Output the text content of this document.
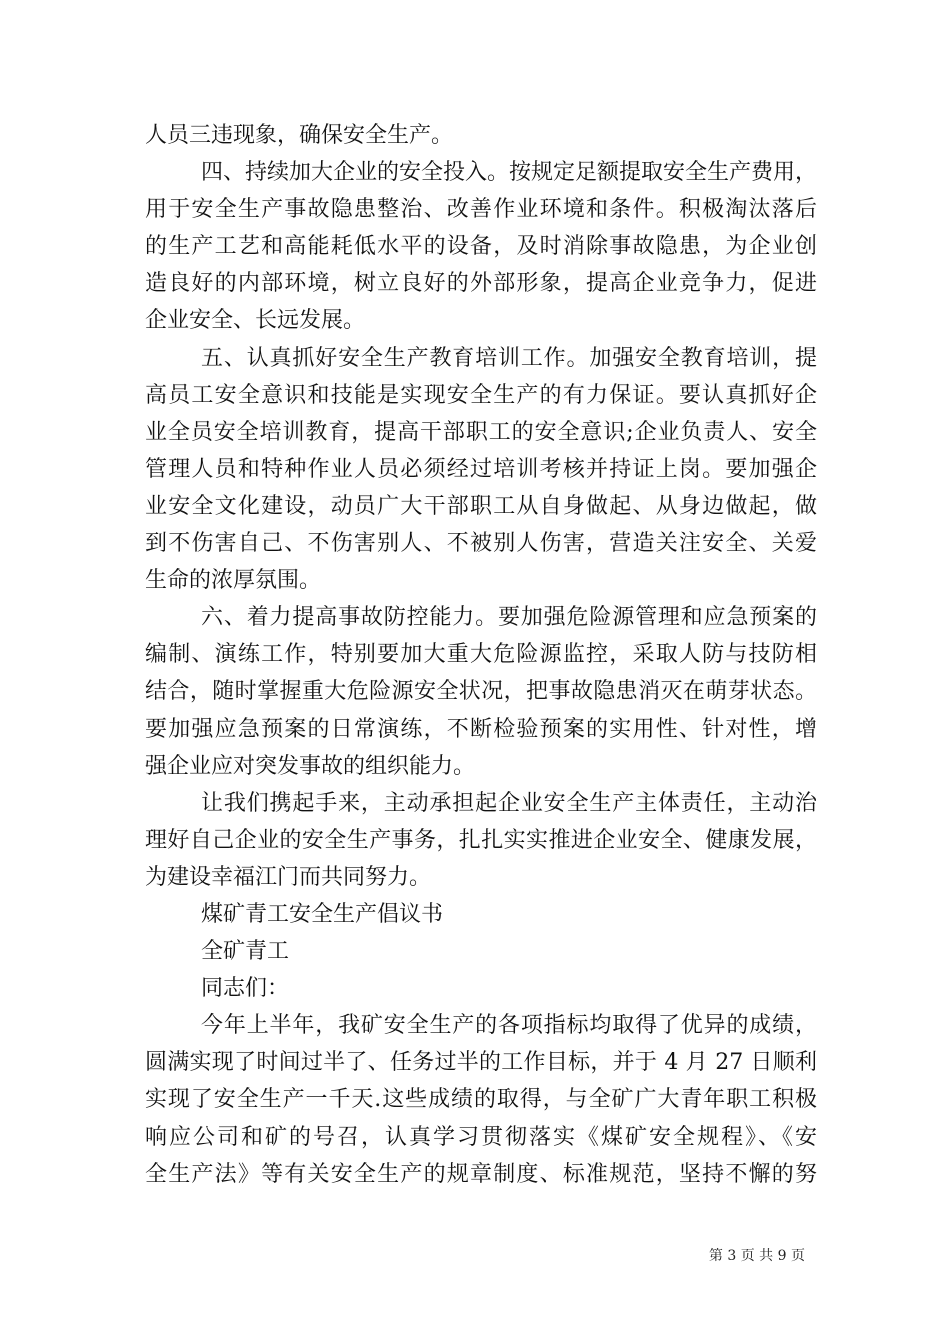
人员三违现象，确保安全生产。
四、持续加大企业的安全投入。按规定足额提取安全生产费用，
用于安全生产事故隐患整治、改善作业环境和条件。积极淘汰落后
的生产工艺和高能耗低水平的设备，及时消除事故隐患，为企业创
造良好的内部环境，树立良好的外部形象，提高企业竞争力，促进
企业安全、长远发展。
五、认真抓好安全生产教育培训工作。加强安全教育培训，提
高员工安全意识和技能是实现安全生产的有力保证。要认真抓好企
业全员安全培训教育，提高干部职工的安全意识;企业负责人、安全
管理人员和特种作业人员必须经过培训考核并持证上岗。要加强企
业安全文化建设，动员广大干部职工从自身做起、从身边做起，做
到不伤害自己、不伤害别人、不被别人伤害，营造关注安全、关爱
生命的浓厚氛围。
六、着力提高事故防控能力。要加强危险源管理和应急预案的
编制、演练工作，特别要加大重大危险源监控，采取人防与技防相
结合，随时掌握重大危险源安全状况，把事故隐患消灭在萌芽状态。
要加强应急预案的日常演练，不断检验预案的实用性、针对性，增
强企业应对突发事故的组织能力。
让我们携起手来，主动承担起企业安全生产主体责任，主动治
理好自己企业的安全生产事务，扎扎实实推进企业安全、健康发展，
为建设幸福江门而共同努力。
煤矿青工安全生产倡议书
全矿青工
同志们：
今年上半年，我矿安全生产的各项指标均取得了优异的成绩，
圆满实现了时间过半了、任务过半的工作目标，并于 4 月 27 日顺利
实现了安全生产一千天.这些成绩的取得，与全矿广大青年职工积极
响应公司和矿的号召，认真学习贯彻落实《煤矿安全规程》、《安
全生产法》等有关安全生产的规章制度、标准规范，坚持不懈的努
第 3 页 共 9 页
